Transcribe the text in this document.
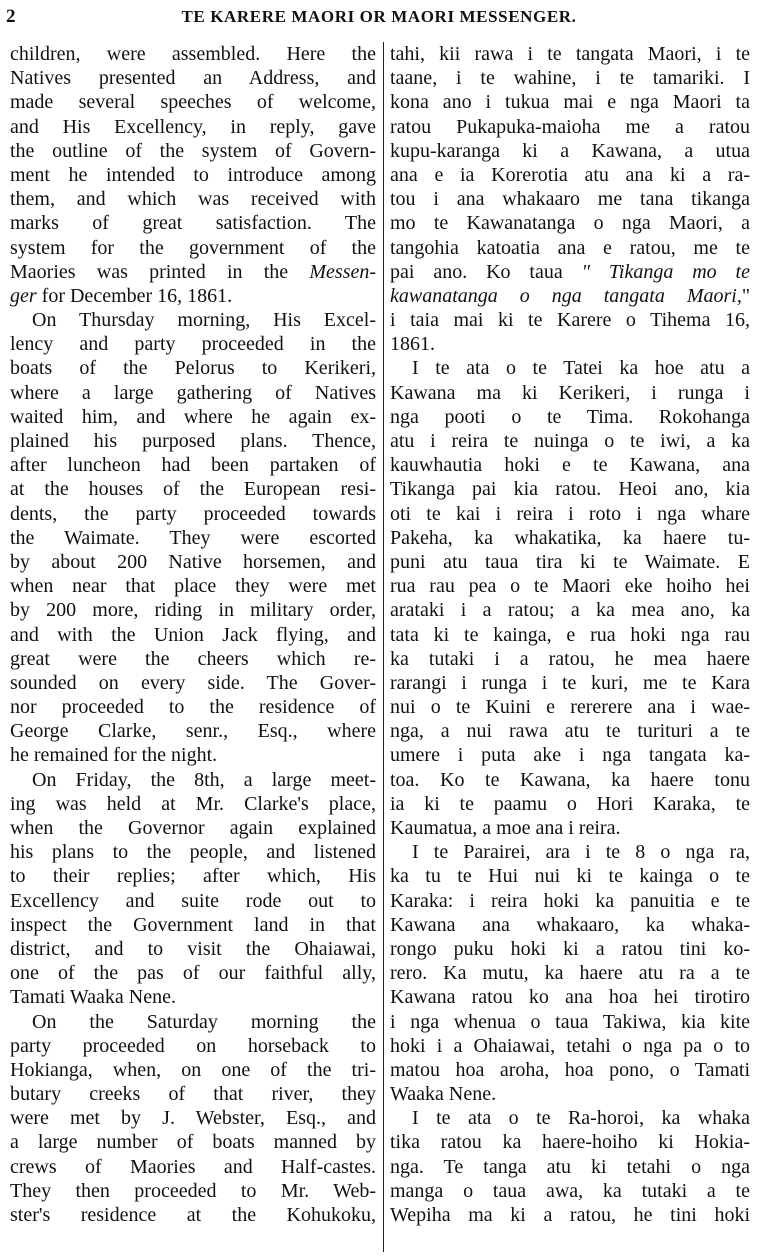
2	TE KARERE MAORI OR MAORI MESSENGER.
children, were assembled. Here the
Natives presented an Address, and
made several speeches of welcome,
and His Excellency, in reply, gave
the outline of the system of Govern-
ment he intended to introduce among
them, and which was received with
marks of great satisfaction. The
system for the government of the
Maories was printed in the Messen-
ger for December 16, 1861.
On Thursday morning, His Excel-
lency and party proceeded in the
boats of the Pelorus to Kerikeri,
where a large gathering of Natives
waited him, and where he again ex-
plained his purposed plans. Thence,
after luncheon had been partaken of
at the houses of the European resi-
dents, the party proceeded towards
the Waimate. They were escorted
by about 200 Native horsemen, and
when near that place they were met
by 200 more, riding in military order,
and with the Union Jack flying, and
great were the cheers which re-
sounded on every side. The Gover-
nor proceeded to the residence of
George Clarke, senr., Esq., where
he remained for the night.
On Friday, the 8th, a large meet-
ing was held at Mr. Clarke's place,
when the Governor again explained
his plans to the people, and listened
to their replies; after which, His
Excellency and suite rode out to
inspect the Government land in that
district, and to visit the Ohaiawai,
one of the pas of our faithful ally,
Tamati Waaka Nene.
On the Saturday morning the
party proceeded on horseback to
Hokianga, when, on one of the tri-
butary creeks of that river, they
were met by J. Webster, Esq., and
a large number of boats manned by
crews of Maories and Half-castes.
They then proceeded to Mr. Web-
ster's residence at the Kohukoku,
tahi, kii rawa i te tangata Maori, i te
taane, i te wahine, i te tamariki. I
kona ano i tukua mai e nga Maori ta
ratou Pukapuka-maioha me a ratou
kupu-karanga ki a Kawana, a utua
ana e ia Korerotia atu ana ki a ra-
tou i ana whakaaro me tana tikanga
mo te Kawanatanga o nga Maori, a
tangohia katoatia ana e ratou, me te
pai ano. Ko taua " Tikanga mo te
kawanatanga o nga tangata Maori,"
i taia mai ki te Karere o Tihema 16,
1861.
I te ata o te Tatei ka hoe atu a
Kawana ma ki Kerikeri, i runga i
nga pooti o te Tima. Rokohanga
atu i reira te nuinga o te iwi, a ka
kauwhautia hoki e te Kawana, ana
Tikanga pai kia ratou. Heoi ano, kia
oti te kai i reira i roto i nga whare
Pakeha, ka whakatika, ka haere tu-
puni atu taua tira ki te Waimate. E
rua rau pea o te Maori eke hoiho hei
arataki i a ratou; a ka mea ano, ka
tata ki te kainga, e rua hoki nga rau
ka tutaki i a ratou, he mea haere
rarangi i runga i te kuri, me te Kara
nui o te Kuini e rererere ana i wae-
nga, a nui rawa atu te turituri a te
umere i puta ake i nga tangata ka-
toa. Ko te Kawana, ka haere tonu
ia ki te paamu o Hori Karaka, te
Kaumatua, a moe ana i reira.
I te Parairei, ara i te 8 o nga ra,
ka tu te Hui nui ki te kainga o te
Karaka: i reira hoki ka panuitia e te
Kawana ana whakaaro, ka whaka-
rongo puku hoki ki a ratou tini ko-
rero. Ka mutu, ka haere atu ra a te
Kawana ratou ko ana hoa hei tirotiro
i nga whenua o taua Takiwa, kia kite
hoki i a Ohaiawai, tetahi o nga pa o to
matou hoa aroha, hoa pono, o Tamati
Waaka Nene.
I te ata o te Ra-horoi, ka whaka
tika ratou ka haere-hoiho ki Hokia-
nga. Te tanga atu ki tetahi o nga
manga o taua awa, ka tutaki a te
Wepiha ma ki a ratou, he tini hoki
